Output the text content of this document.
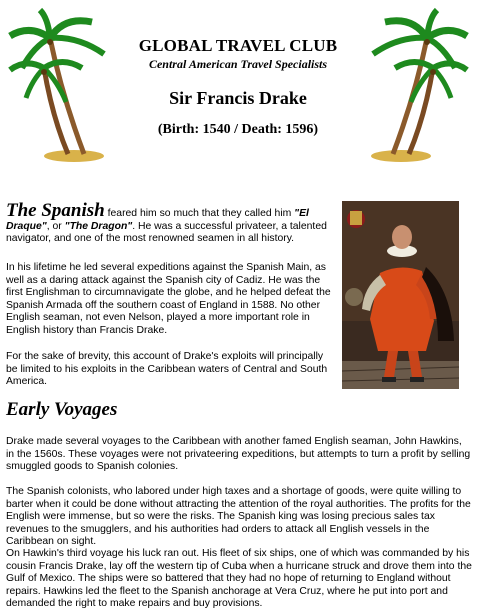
GLOBAL TRAVEL CLUB
Central American Travel Specialists
Sir Francis Drake
(Birth: 1540 / Death: 1596)
The Spanish feared him so much that they called him "El Draque", or "The Dragon". He was a successful privateer, a talented navigator, and one of the most renowned seamen in all history.
In his lifetime he led several expeditions against the Spanish Main, as well as a daring attack against the Spanish city of Cadiz. He was the first Englishman to circumnavigate the globe, and he helped defeat the Spanish Armada off the southern coast of England in 1588. No other English seaman, not even Nelson, played a more important role in English history than Francis Drake.
For the sake of brevity, this account of Drake's exploits will principally be limited to his exploits in the Caribbean waters of Central and South America.
Early Voyages
Drake made several voyages to the Caribbean with another famed English seaman, John Hawkins, in the 1560s. These voyages were not privateering expeditions, but attempts to turn a profit by selling smuggled goods to Spanish colonies.
The Spanish colonists, who labored under high taxes and a shortage of goods, were quite willing to barter when it could be done without attracting the attention of the royal authorities. The profits for the English were immense, but so were the risks. The Spanish king was losing precious sales tax revenues to the smugglers, and his authorities had orders to attack all English vessels in the Caribbean on sight.
On Hawkin's third voyage his luck ran out. His fleet of six ships, one of which was commanded by his cousin Francis Drake, lay off the western tip of Cuba when a hurricane struck and drove them into the Gulf of Mexico. The ships were so battered that they had no hope of returning to England without repairs. Hawkins led the fleet to the Spanish anchorage at Vera Cruz, where he put into port and demanded the right to make repairs and buy provisions.
